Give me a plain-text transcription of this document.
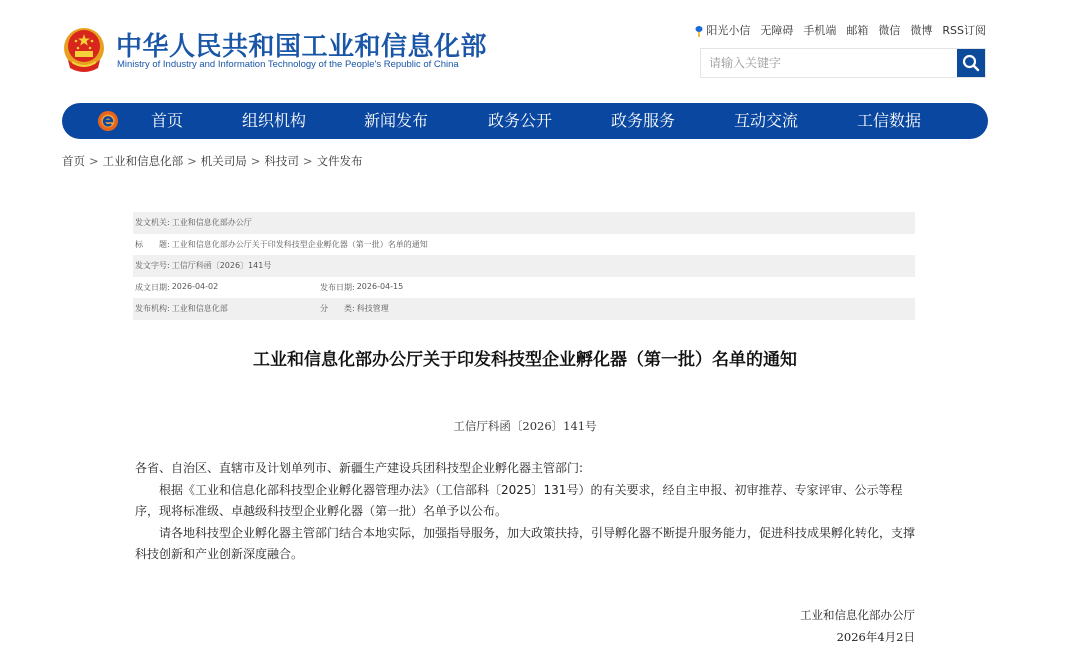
中华人民共和国工业和信息化部
Ministry of Industry and Information Technology of the People's Republic of China
阳光小信 无障碍 手机端 邮箱 微信 微博 RSS订阅
请输入关键字
首页	组织机构	新闻发布	政务公开	政务服务	互动交流	工信数据
首页 > 工业和信息化部 > 机关司局 > 科技司 > 文件发布
发文机关: 工业和信息化部办公厅
标　　题: 工业和信息化部办公厅关于印发科技型企业孵化器（第一批）名单的通知
发文字号: 工信厅科函〔2026〕141号
成文日期: 2026-04-02	发布日期: 2026-04-15
发布机构: 工业和信息化部	分　　类: 科技管理
工业和信息化部办公厅关于印发科技型企业孵化器（第一批）名单的通知
工信厅科函〔2026〕141号

各省、自治区、直辖市及计划单列市、新疆生产建设兵团科技型企业孵化器主管部门:

根据《工业和信息化部科技型企业孵化器管理办法》（工信部科〔2025〕131号）的有关要求，经自主申报、初审推荐、专家评审、公示等程序，现将标准级、卓越级科技型企业孵化器（第一批）名单予以公布。

请各地科技型企业孵化器主管部门结合本地实际，加强指导服务，加大政策扶持，引导孵化器不断提升服务能力，促进科技成果孵化转化，支撑科技创新和产业创新深度融合。

工业和信息化部办公厅
2026年4月2日
